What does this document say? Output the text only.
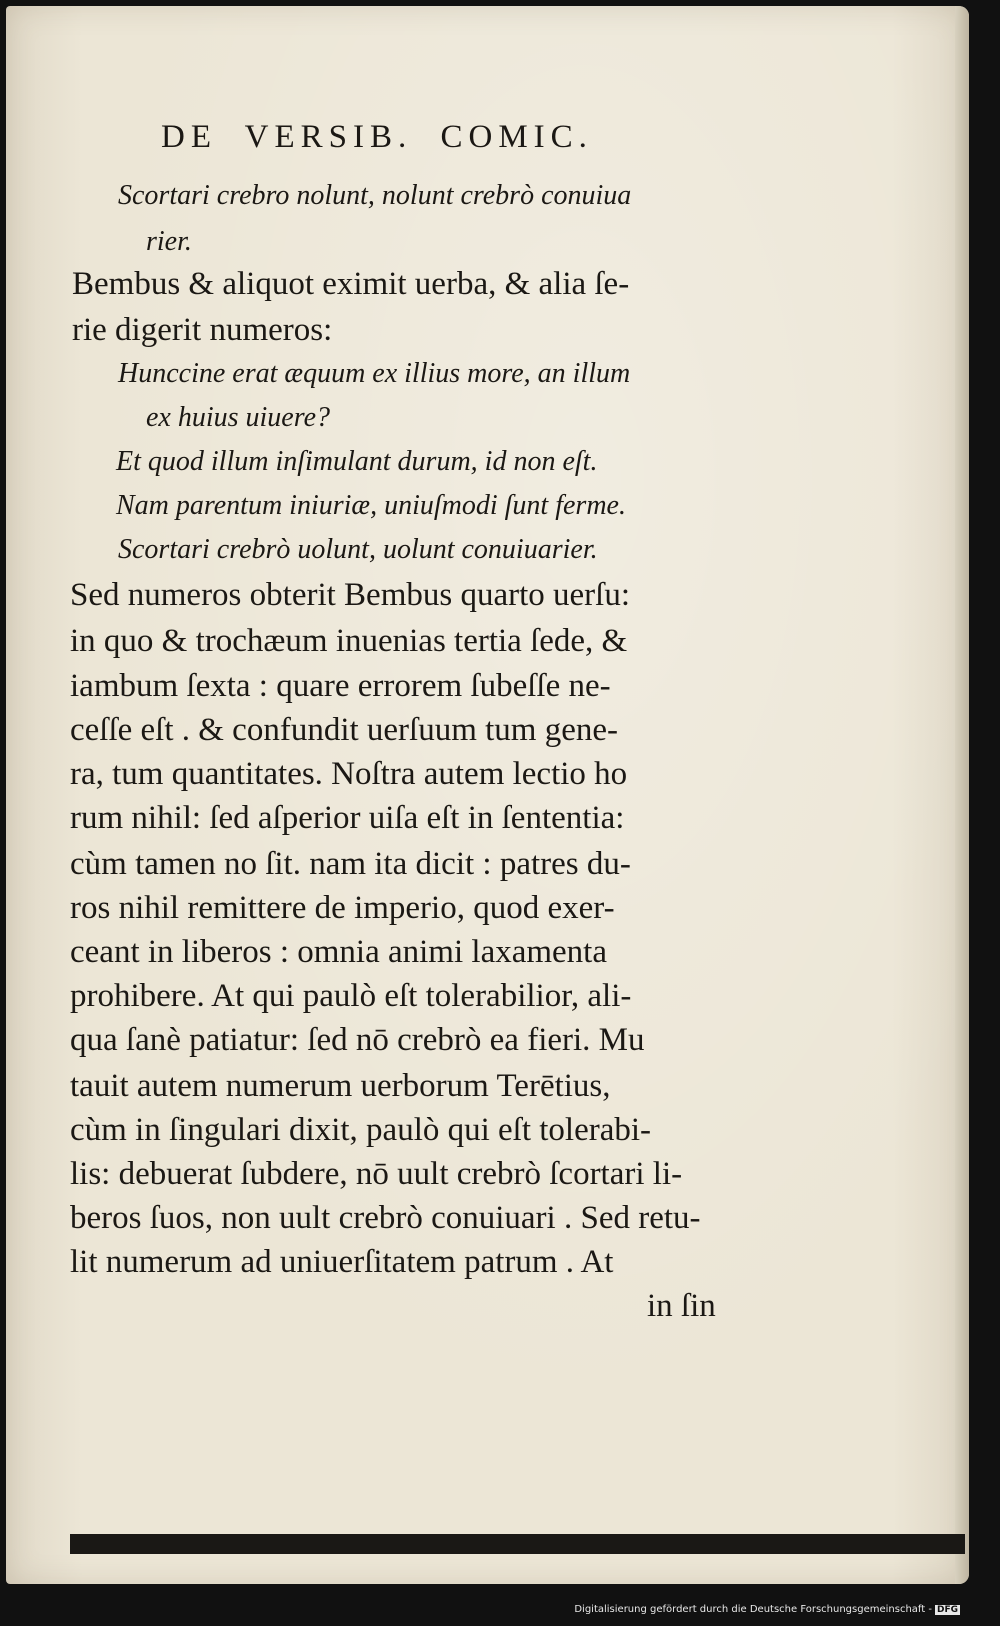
DE VERSIB. COMIC.
Scortari crebro nolunt, nolunt crebrò conuiua
rier.
Bembus & aliquot eximit uerba, & alia ſe-
rie digerit numeros:
Hunccine erat æquum ex illius more, an illum
ex huius uiuere?
Et quod illum inſimulant durum, id non eſt.
Nam parentum iniuriæ, uniuſmodi ſunt ferme.
Scortari crebrò uolunt, uolunt conuiuarier.
Sed numeros obterit Bembus quarto uerſu:
in quo & trochæum inuenias tertia ſede, &
iambum ſexta : quare errorem ſubeſſe ne-
ceſſe eſt . & confundit uerſuum tum gene-
ra, tum quantitates. Noſtra autem lectio ho
rum nihil: ſed aſperior uiſa eſt in ſententia:
cùm tamen no ſit. nam ita dicit : patres du-
ros nihil remittere de imperio, quod exer-
ceant in liberos : omnia animi laxamenta
prohibere. At qui paulò eſt tolerabilior, ali-
qua ſanè patiatur: ſed nō crebrò ea fieri. Mu
tauit autem numerum uerborum Terētius,
cùm in ſingulari dixit, paulò qui eſt tolerabi-
lis: debuerat ſubdere, nō uult crebrò ſcortari li-
beros ſuos, non uult crebrò conuiuari . Sed retu-
lit numerum ad uniuerſitatem patrum . At
in ſin
Digitalisierung gefördert durch die Deutsche Forschungsgemeinschaft - DFG
